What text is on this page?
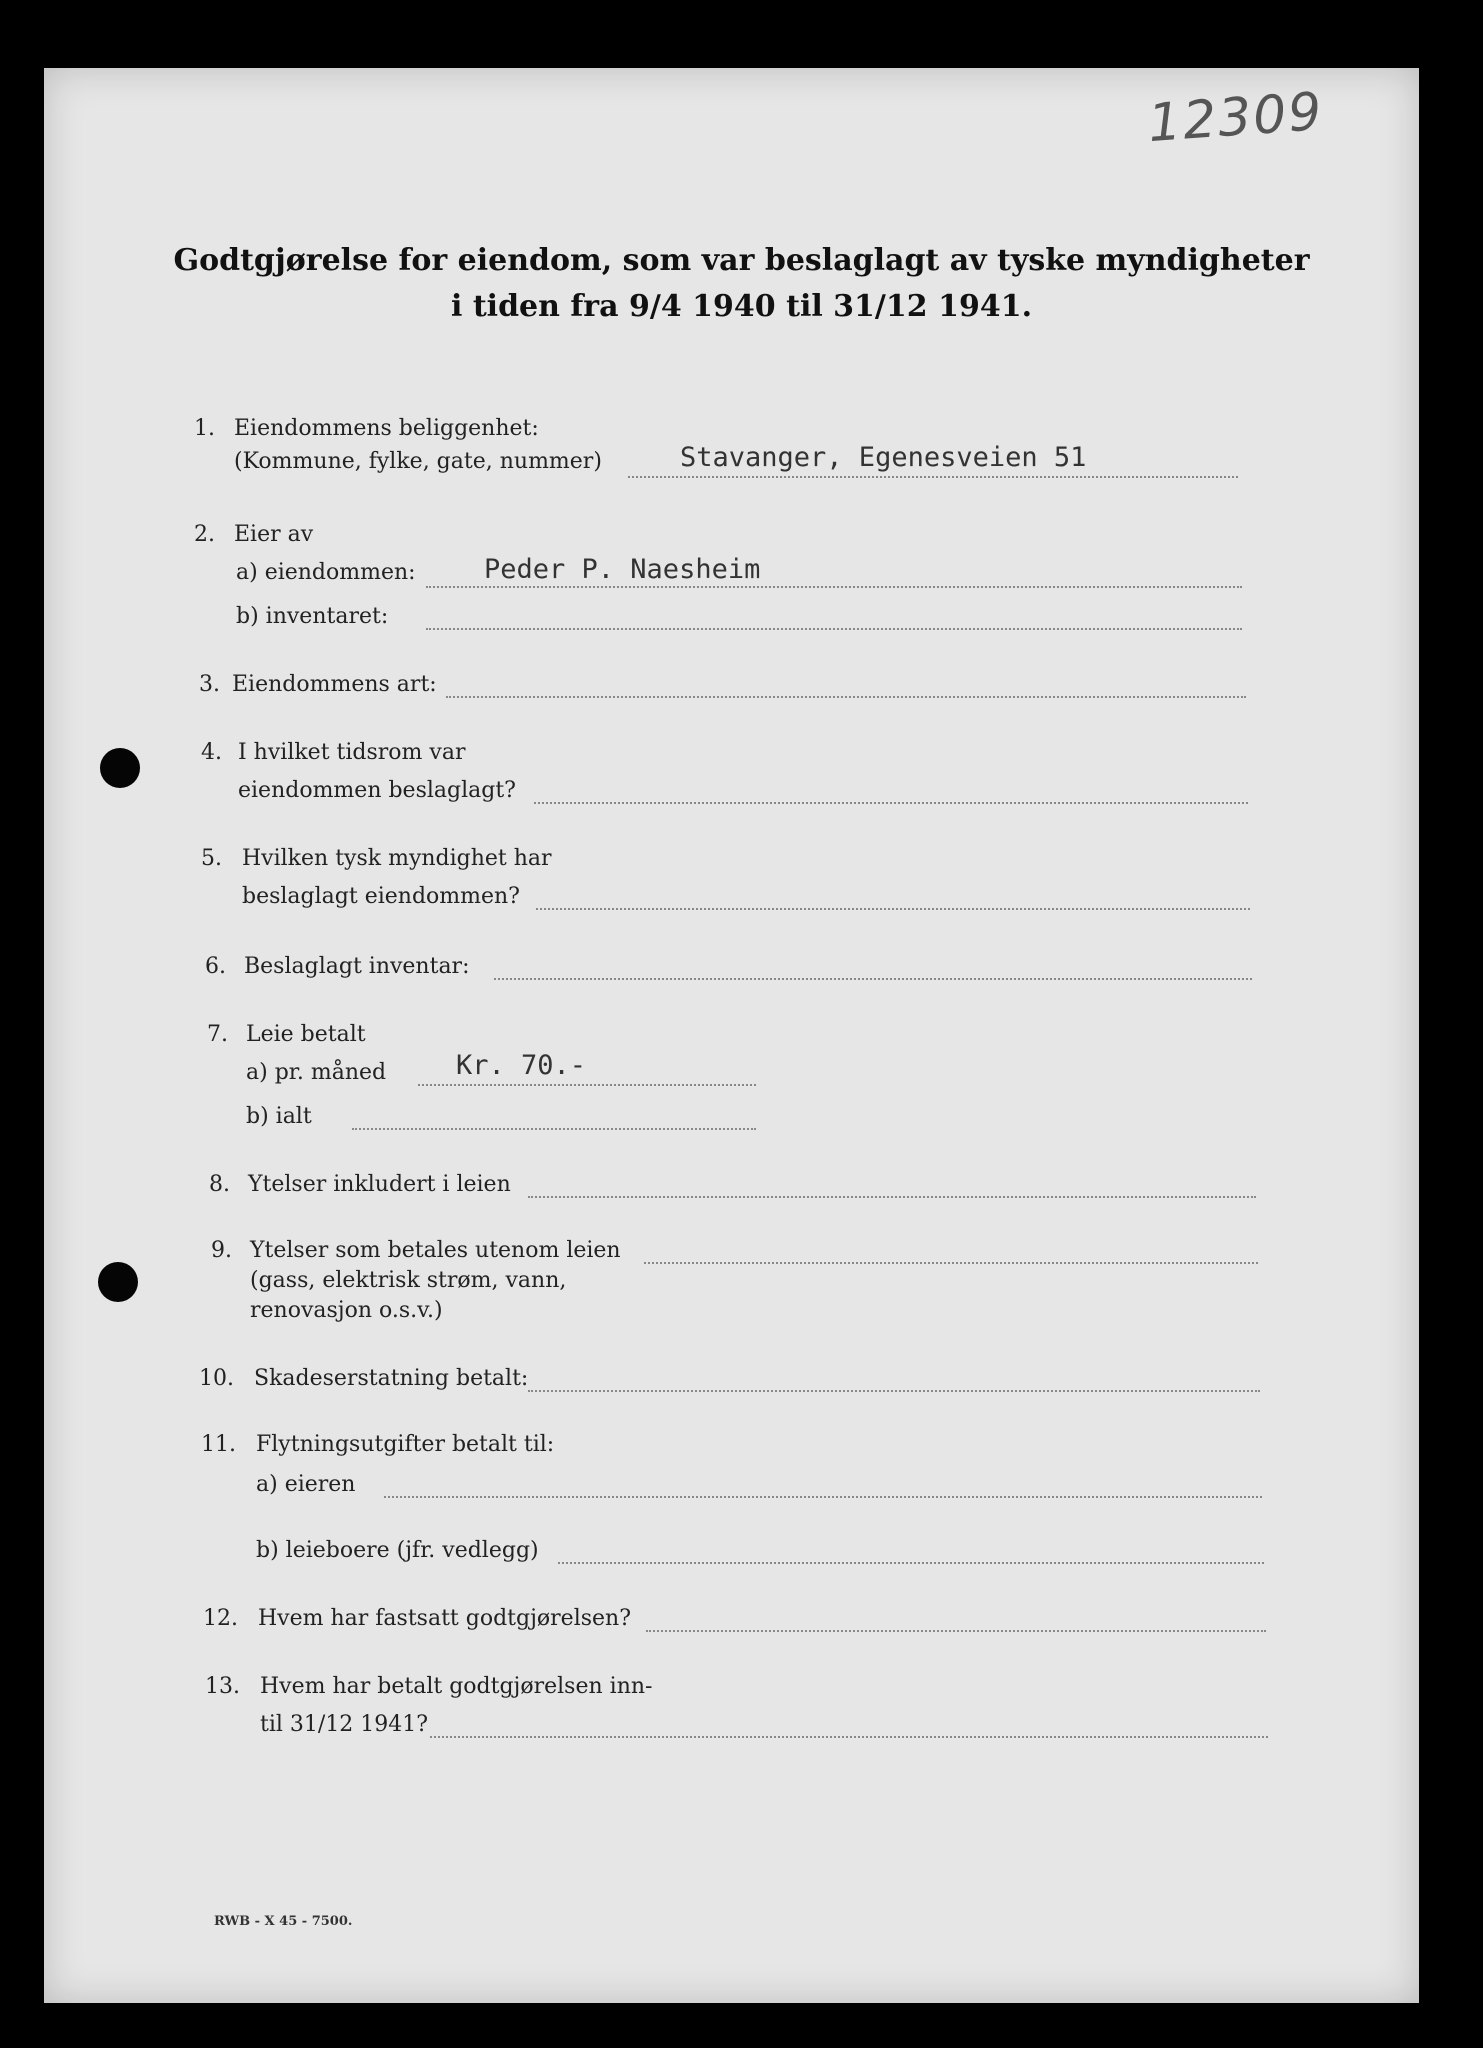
12309
Godtgjørelse for eiendom, som var beslaglagt av tyske myndigheter
i tiden fra 9/4 1940 til 31/12 1941.
1. Eiendommens beliggenhet:
(Kommune, fylke, gate, nummer)	Stavanger, Egenesveien 51
2. Eier av
a) eiendommen:	Peder P. Naesheim
b) inventaret:
3. Eiendommens art:
4. I hvilket tidsrom var
eiendommen beslaglagt?
5. Hvilken tysk myndighet har
beslaglagt eiendommen?
6. Beslaglagt inventar:
7. Leie betalt
a) pr. måned	Kr. 70.-
b) ialt
8. Ytelser inkludert i leien
9. Ytelser som betales utenom leien
(gass, elektrisk strøm, vann,
renovasjon o.s.v.)
10. Skadeserstatning betalt:
11. Flytningsutgifter betalt til:
a) eieren
b) leieboere (jfr. vedlegg)
12. Hvem har fastsatt godtgjørelsen?
13. Hvem har betalt godtgjørelsen inn-
til 31/12 1941?
RWB - X 45 - 7500.
